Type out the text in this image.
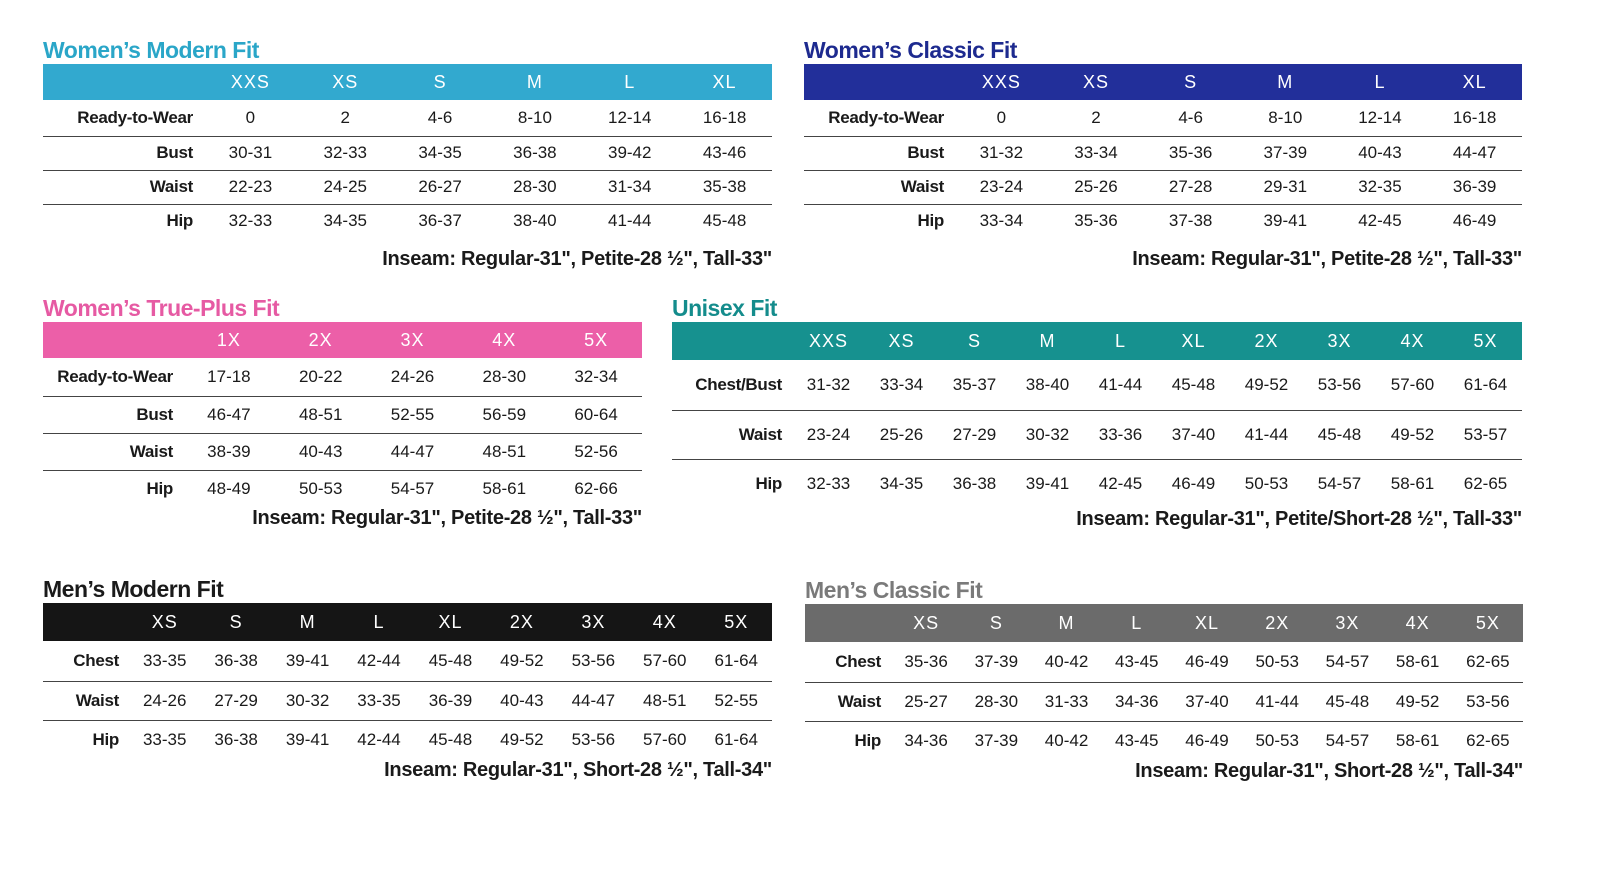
Women’s Modern Fit
	XXS	XS	S	M	L	XL
Ready-to-Wear	0	2	4-6	8-10	12-14	16-18
Bust	30-31	32-33	34-35	36-38	39-42	43-46
Waist	22-23	24-25	26-27	28-30	31-34	35-38
Hip	32-33	34-35	36-37	38-40	41-44	45-48
Inseam: Regular-31", Petite-28 ½", Tall-33"
Women’s Classic Fit
	XXS	XS	S	M	L	XL
Ready-to-Wear	0	2	4-6	8-10	12-14	16-18
Bust	31-32	33-34	35-36	37-39	40-43	44-47
Waist	23-24	25-26	27-28	29-31	32-35	36-39
Hip	33-34	35-36	37-38	39-41	42-45	46-49
Inseam: Regular-31", Petite-28 ½", Tall-33"
Women’s True-Plus Fit
	1X	2X	3X	4X	5X
Ready-to-Wear	17-18	20-22	24-26	28-30	32-34
Bust	46-47	48-51	52-55	56-59	60-64
Waist	38-39	40-43	44-47	48-51	52-56
Hip	48-49	50-53	54-57	58-61	62-66
Inseam: Regular-31", Petite-28 ½", Tall-33"
Unisex Fit
	XXS	XS	S	M	L	XL	2X	3X	4X	5X
Chest/Bust	31-32	33-34	35-37	38-40	41-44	45-48	49-52	53-56	57-60	61-64
Waist	23-24	25-26	27-29	30-32	33-36	37-40	41-44	45-48	49-52	53-57
Hip	32-33	34-35	36-38	39-41	42-45	46-49	50-53	54-57	58-61	62-65
Inseam: Regular-31", Petite/Short-28 ½", Tall-33"
Men’s Modern Fit
	XS	S	M	L	XL	2X	3X	4X	5X
Chest	33-35	36-38	39-41	42-44	45-48	49-52	53-56	57-60	61-64
Waist	24-26	27-29	30-32	33-35	36-39	40-43	44-47	48-51	52-55
Hip	33-35	36-38	39-41	42-44	45-48	49-52	53-56	57-60	61-64
Inseam: Regular-31", Short-28 ½", Tall-34"
Men’s Classic Fit
	XS	S	M	L	XL	2X	3X	4X	5X
Chest	35-36	37-39	40-42	43-45	46-49	50-53	54-57	58-61	62-65
Waist	25-27	28-30	31-33	34-36	37-40	41-44	45-48	49-52	53-56
Hip	34-36	37-39	40-42	43-45	46-49	50-53	54-57	58-61	62-65
Inseam: Regular-31", Short-28 ½", Tall-34"
